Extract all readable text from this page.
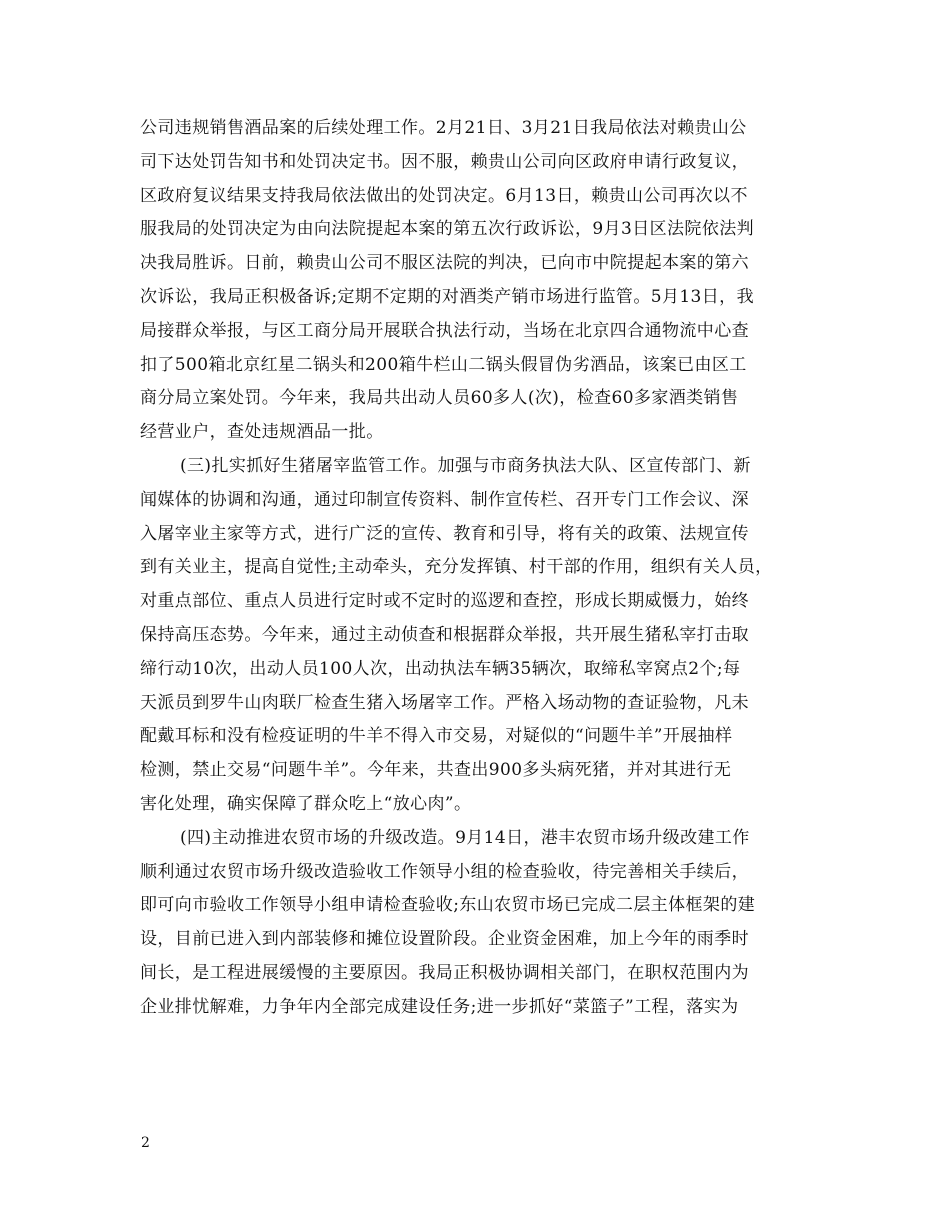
公司违规销售酒品案的后续处理工作。2月21日、3月21日我局依法对赖贵山公
司下达处罚告知书和处罚决定书。因不服，赖贵山公司向区政府申请行政复议，
区政府复议结果支持我局依法做出的处罚决定。6月13日，赖贵山公司再次以不
服我局的处罚决定为由向法院提起本案的第五次行政诉讼，9月3日区法院依法判
决我局胜诉。日前，赖贵山公司不服区法院的判决，已向市中院提起本案的第六
次诉讼，我局正积极备诉;定期不定期的对酒类产销市场进行监管。5月13日，我
局接群众举报，与区工商分局开展联合执法行动，当场在北京四合通物流中心查
扣了500箱北京红星二锅头和200箱牛栏山二锅头假冒伪劣酒品，该案已由区工
商分局立案处罚。今年来，我局共出动人员60多人(次)，检查60多家酒类销售
经营业户，查处违规酒品一批。
(三)扎实抓好生猪屠宰监管工作。加强与市商务执法大队、区宣传部门、新
闻媒体的协调和沟通，通过印制宣传资料、制作宣传栏、召开专门工作会议、深
入屠宰业主家等方式，进行广泛的宣传、教育和引导，将有关的政策、法规宣传
到有关业主，提高自觉性;主动牵头，充分发挥镇、村干部的作用，组织有关人员，
对重点部位、重点人员进行定时或不定时的巡逻和查控，形成长期威慑力，始终
保持高压态势。今年来，通过主动侦查和根据群众举报，共开展生猪私宰打击取
缔行动10次，出动人员100人次，出动执法车辆35辆次，取缔私宰窝点2个;每
天派员到罗牛山肉联厂检查生猪入场屠宰工作。严格入场动物的查证验物，凡未
配戴耳标和没有检疫证明的牛羊不得入市交易，对疑似的“问题牛羊”开展抽样
检测，禁止交易“问题牛羊”。今年来，共查出900多头病死猪，并对其进行无
害化处理，确实保障了群众吃上“放心肉”。
(四)主动推进农贸市场的升级改造。9月14日，港丰农贸市场升级改建工作
顺利通过农贸市场升级改造验收工作领导小组的检查验收，待完善相关手续后，
即可向市验收工作领导小组申请检查验收;东山农贸市场已完成二层主体框架的建
设，目前已进入到内部装修和摊位设置阶段。企业资金困难，加上今年的雨季时
间长，是工程进展缓慢的主要原因。我局正积极协调相关部门，在职权范围内为
企业排忧解难，力争年内全部完成建设任务;进一步抓好“菜篮子”工程，落实为
2
